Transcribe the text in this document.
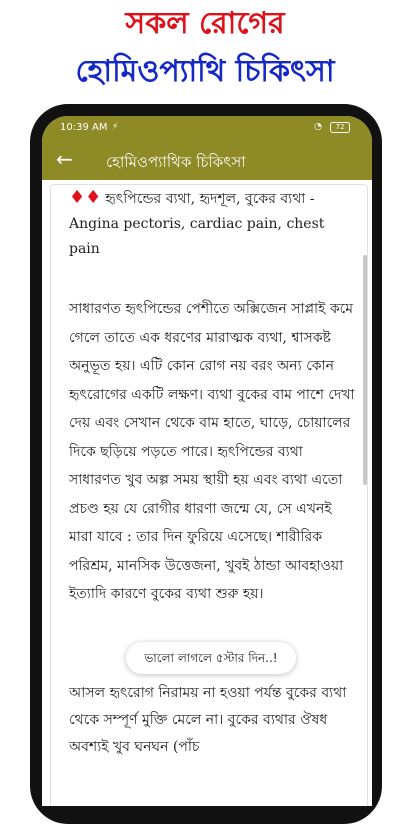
সকল রোগের
হোমিওপ্যাথি চিকিৎসা
10:39 AM ⚡	◔	72
← হোমিওপ্যাথিক চিকিৎসা
♦♦ হৃৎপিন্ডের ব্যথা, হৃদশূল, বুকের ব্যথা - Angina pectoris, cardiac pain, chest pain
সাধারণত হৃৎপিন্ডের পেশীতে অক্সিজেন সাপ্লাই কমে গেলে তাতে এক ধরণের মারাত্মক ব্যথা, শ্বাসকষ্ট অনুভূত হয়। এটি কোন রোগ নয় বরং অন্য কোন হৃৎরোগের একটি লক্ষণ। ব্যথা বুকের বাম পাশে দেখা দেয় এবং সেখান থেকে বাম হাতে, ঘাড়ে, চোয়ালের দিকে ছড়িয়ে পড়তে পারে। হৃৎপিন্ডের ব্যথা সাধারণত খুব অল্প সময় স্থায়ী হয় এবং ব্যথা এতো প্রচণ্ড হয় যে রোগীর ধারণা জন্মে যে, সে এখনই মারা যাবে : তার দিন ফুরিয়ে এসেছে। শারীরিক পরিশ্রম, মানসিক উত্তেজনা, খুবই ঠান্ডা আবহাওয়া ইত্যাদি কারণে বুকের ব্যথা শুরু হয়।
আসল হৃৎরোগ নিরাময় না হওয়া পর্যন্ত বুকের ব্যথা থেকে সম্পূর্ণ মুক্তি মেলে না। বুকের ব্যথার ঔষধ অবশ্যই খুব ঘনঘন (পাঁচ
ভালো লাগলে ৫স্টার দিন..!
